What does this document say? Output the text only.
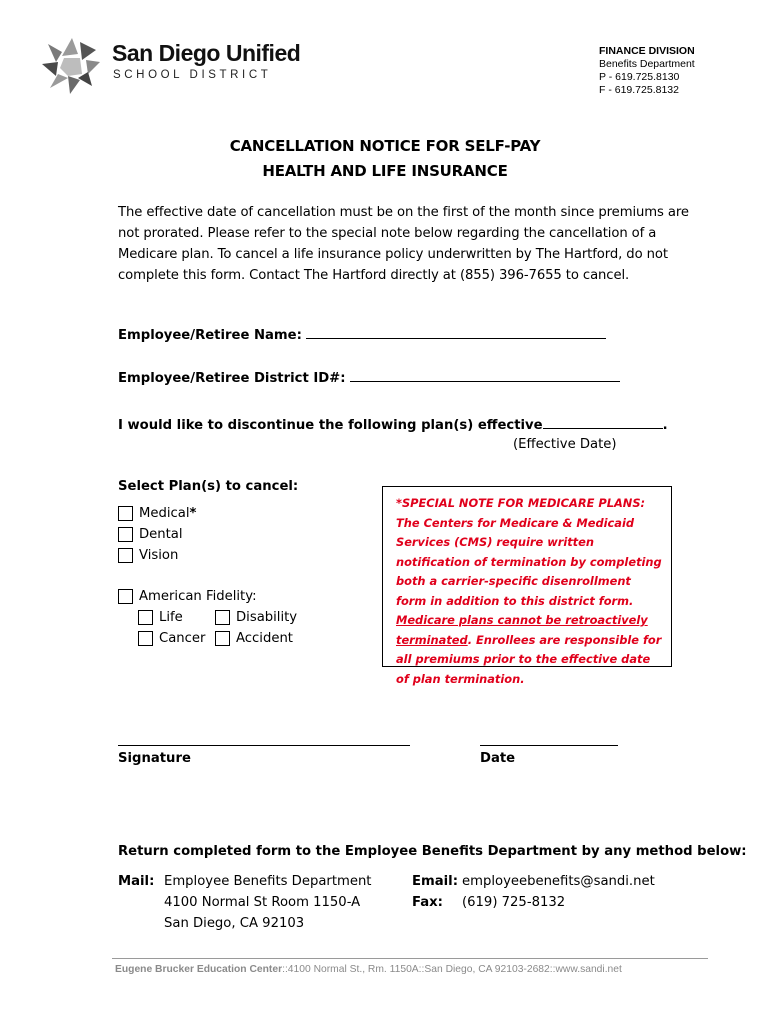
San Diego Unified
SCHOOL DISTRICT
FINANCE DIVISION
Benefits Department
P - 619.725.8130
F - 619.725.8132
CANCELLATION NOTICE FOR SELF-PAY
HEALTH AND LIFE INSURANCE
The effective date of cancellation must be on the first of the month since premiums are not prorated. Please refer to the special note below regarding the cancellation of a Medicare plan. To cancel a life insurance policy underwritten by The Hartford, do not complete this form. Contact The Hartford directly at (855) 396-7655 to cancel.
Employee/Retiree Name:
Employee/Retiree District ID#:
I would like to discontinue the following plan(s) effective	.
(Effective Date)
Select Plan(s) to cancel:
Medical *
Dental
Vision
American Fidelity:
Life	Disability
Cancer Accident
*SPECIAL NOTE FOR MEDICARE PLANS:
The Centers for Medicare & Medicaid Services (CMS) require written notification of termination by completing both a carrier-specific disenrollment form in addition to this district form. Medicare plans cannot be retroactively terminated. Enrollees are responsible for all premiums prior to the effective date of plan termination.
Signature	Date
Return completed form to the Employee Benefits Department by any method below:
Mail: Employee Benefits Department
4100 Normal St Room 1150-A
San Diego, CA 92103
Email: employeebenefits@sandi.net
Fax:	(619) 725-8132
Eugene Brucker Education Center::4100 Normal St., Rm. 1150A::San Diego, CA 92103-2682::www.sandi.net
